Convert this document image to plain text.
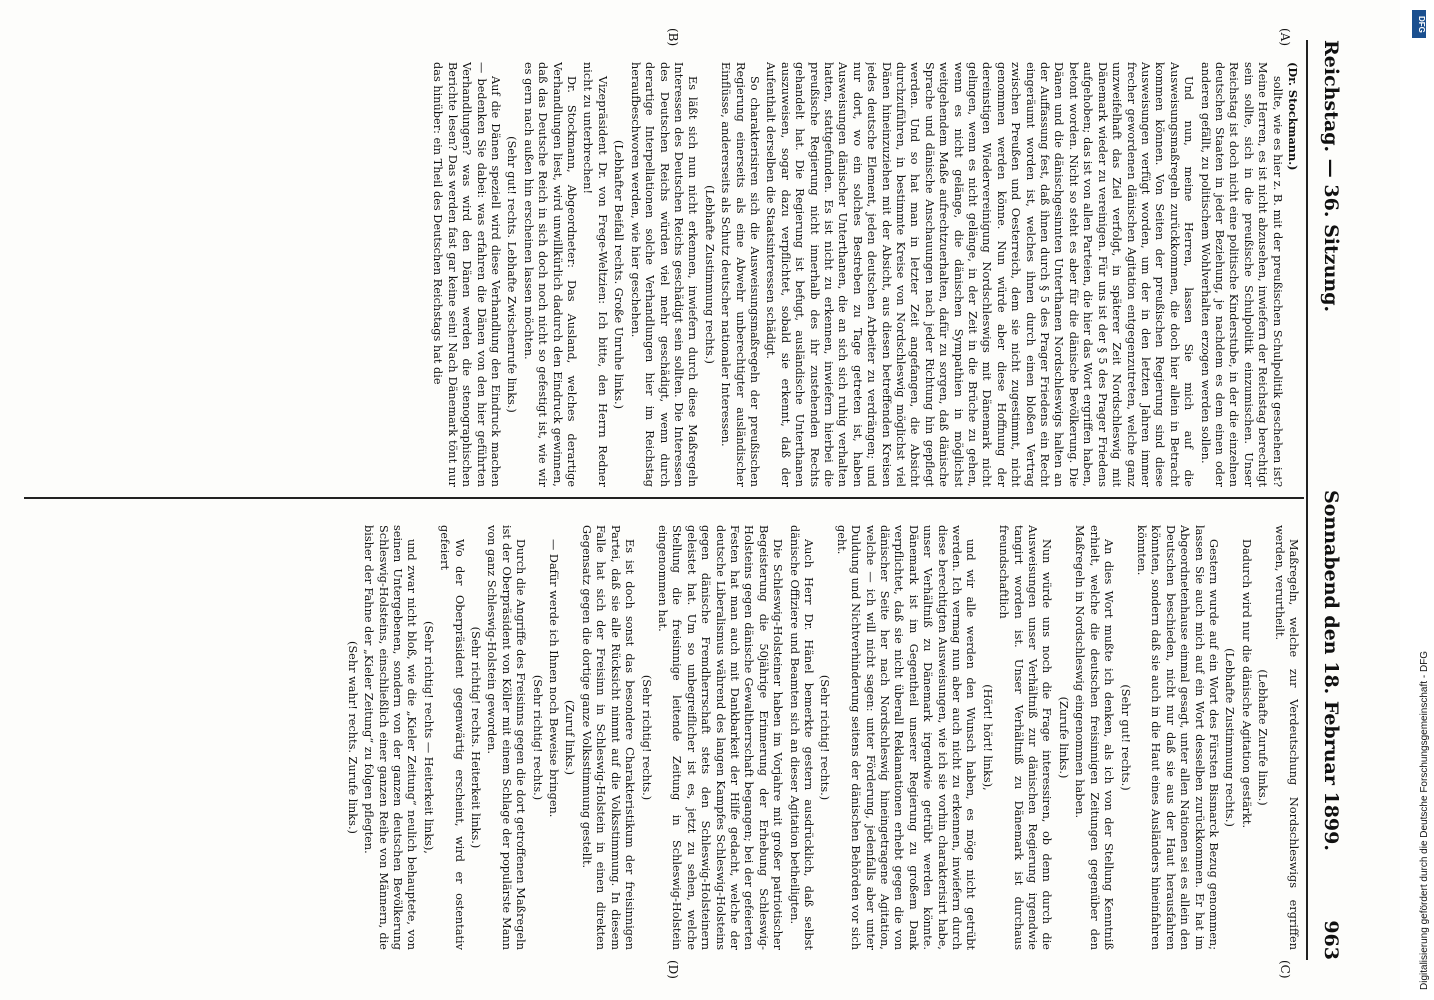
Reichstag. — 36. Sitzung.
Sonnabend den 18. Februar 1899.
963
(A)
(B)
(C)
(D)

(Dr. Stockmann.)

sollte, wie es hier z. B. mit der preußischen Schulpolitik geschehen ist? Meine Herren, es ist nicht abzusehen, inwiefern der Reichstag berechtigt sein sollte, sich in die preußische Schulpolitik einzumischen. Unser Reichstag ist doch nicht eine politische Kinderstube, in der die einzelnen deutschen Staaten in jeder Beziehung, je nachdem es dem einen oder anderen gefällt, zu politischem Wohlverhalten erzogen werden sollen.

Und nun, meine Herren, lassen Sie mich auf die Ausweisungsmaßregeln zurückkommen, die doch hier allein in Betracht kommen können. Von Seiten der preußischen Regierung sind diese Ausweisungen verfügt worden, um der in den letzten Jahren immer frecher gewordenen dänischen Agitation entgegenzutreten, welche ganz unzweifelhaft das Ziel verfolgt, in späterer Zeit Nordschleswig mit Dänemark wieder zu vereinigen. Für uns ist der § 5 des Prager Friedens aufgehoben; das ist von allen Parteien, die hier das Wort ergriffen haben, betont worden. Nicht so steht es aber für die dänische Bevölkerung. Die Dänen und die dänischgesinnten Unterthanen Nordschleswigs halten an der Auffassung fest, daß ihnen durch § 5 des Prager Friedens ein Recht eingeräumt worden ist, welches ihnen durch einen bloßen Vertrag zwischen Preußen und Oesterreich, dem sie nicht zugestimmt, nicht genommen werden könne. Nun würde aber diese Hoffnung der dereinstigen Wiedervereinigung Nordschleswigs mit Dänemark nicht gelingen, wenn es nicht gelänge, in der Zeit in die Brüche zu gehen, wenn es nicht gelänge, die dänischen Sympathien in möglichst weitgehendem Maße aufrechtzuerhalten, dafür zu sorgen, daß dänische Sprache und dänische Anschauungen nach jeder Richtung hin gepflegt werden. Und so hat man in letzter Zeit angefangen, die Absicht durchzuführen, in bestimmte Kreise von Nordschleswig möglichst viel Dänen hineinzuziehen mit der Absicht, aus diesen betreffenden Kreisen jedes deutsche Element, jeden deutschen Arbeiter zu verdrängen; und nur dort, wo ein solches Bestreben zu Tage getreten ist, haben Ausweisungen dänischer Unterthanen, die an sich sich ruhig verhalten hatten, stattgefunden. Es ist nicht zu erkennen, inwiefern hierbei die preußische Regierung nicht innerhalb des ihr zustehenden Rechts gehandelt hat. Die Regierung ist befugt, ausländische Unterthanen auszuweisen, sogar dazu verpflichtet, sobald sie erkennt, daß der Aufenthalt derselben die Staatsinteressen schädigt.

So charakterisiren sich die Ausweisungsmaßregeln der preußischen Regierung einerseits als eine Abwehr unberechtigter ausländischer Einflüsse, andererseits als Schutz deutscher nationaler Interessen.

(Lebhafte Zustimmung rechts.)

Es läßt sich nun nicht erkennen, inwiefern durch diese Maßregeln Interessen des Deutschen Reichs geschädigt sein sollten. Die Interessen des Deutschen Reichs würden viel mehr geschädigt, wenn durch derartige Interpellationen solche Verhandlungen hier im Reichstag heraufbeschworen werden, wie hier geschehen.

(Lebhafter Beifall rechts. Große Unruhe links.)

Vizepräsident Dr. von Frege-Weltzien: Ich bitte, den Herrn Redner nicht zu unterbrechen!

Dr. Stockmann, Abgeordneter: Das Ausland, welches derartige Verhandlungen liest, wird unwillkürlich dadurch den Eindruck gewinnen, daß das Deutsche Reich in sich doch noch nicht so gefestigt ist, wie wir es gern nach außen hin erscheinen lassen möchten.

(Sehr gut! rechts. Lebhafte Zwischenrufe links.)

Auf die Dänen speziell wird diese Verhandlung den Eindruck machen — bedenken Sie dabei: was erfahren die Dänen von den hier geführten Verhandlungen? was wird den Dänen werden die stenographischen Berichte lesen? Das werden fast gar keine sein! Nach Dänemark tönt nur das hinüber: ein Theil des Deutschen Reichstags hat die

Maßregeln, welche zur Verdeutschung Nordschleswigs ergriffen werden, verurtheilt.

(Lebhafte Zurufe links.)

Dadurch wird nur die dänische Agitation gestärkt.

(Lebhafte Zustimmung rechts.)

Gestern wurde auf ein Wort des Fürsten Bismarck Bezug genommen; lassen Sie auch mich auf ein Wort desselben zurückkommen. Er hat im Abgeordnetenhause einmal gesagt, unter allen Nationen sei es allein den Deutschen beschieden, nicht nur daß sie aus der Haut herausfahren könnten, sondern daß sie auch in die Haut eines Ausländers hineinfahren könnten.

(Sehr gut! rechts.)

An dies Wort mußte ich denken, als ich von der Stellung Kenntniß erhielt, welche die deutschen freisinnigen Zeitungen gegenüber den Maßregeln in Nordschleswig eingenommen haben.

(Zurufe links.)

Nun würde uns noch die Frage interessiren, ob denn durch die Ausweisungen unser Verhältniß zur dänischen Regierung irgendwie tangirt worden ist. Unser Verhältniß zu Dänemark ist durchaus freundschaftlich

(Hört! hört! links),

und wir alle werden den Wunsch haben, es möge nicht getrübt werden. Ich vermag nun aber auch nicht zu erkennen, inwiefern durch diese berechtigten Ausweisungen, wie ich sie vorhin charakterisirt habe, unser Verhältniß zu Dänemark irgendwie getrübt werden könnte. Dänemark ist im Gegentheil unserer Regierung zu großem Dank verpflichtet, daß sie nicht überall Reklamationen erhebt gegen die von dänischer Seite her nach Nordschleswig hineingetragene Agitation, welche — ich will nicht sagen: unter Förderung, jedenfalls aber unter Duldung und Nichtverhinderung seitens der dänischen Behörden vor sich geht.

(Sehr richtig! rechts.)

Auch Herr Dr. Hänel bemerkte gestern ausdrücklich, daß selbst dänische Offiziere und Beamten sich an dieser Agitation betheiligten.

Die Schleswig-Holsteiner haben im Vorjahre mit großer patriotischer Begeisterung die 50jährige Erinnerung der Erhebung Schleswig-Holsteins gegen dänische Gewaltherrschaft begangen; bei der gefeierten Festen hat man auch mit Dankbarkeit der Hilfe gedacht, welche der deutsche Liberalismus während des langen Kampfes Schleswig-Holsteins gegen dänische Fremdherrschaft stets den Schleswig-Holsteinern geleistet hat. Um so unbegreiflicher ist es, jetzt zu sehen, welche Stellung die freisinnige leitende Zeitung in Schleswig-Holstein eingenommen hat.

(Sehr richtig! rechts.)

Es ist doch sonst das besondere Charakteristikum der freisinnigen Partei, daß sie alle Rücksicht nimmt auf die Volksstimmung. In diesem Falle hat sich der Freisinn in Schleswig-Holstein in einen direkten Gegensatz gegen die dortige ganze Volksstimmung gestellt.

(Zuruf links.)

— Dafür werde ich Ihnen noch Beweise bringen.

(Sehr richtig! rechts.)

Durch die Angriffe des Freisinns gegen die dort getroffenen Maßregeln ist der Oberpräsident von Köller mit einem Schlage der populärste Mann von ganz Schleswig-Holstein geworden.

(Sehr richtig! rechts. Heiterkeit links.)

Wo der Oberpräsident gegenwärtig erscheint, wird er ostentativ gefeiert

(Sehr richtig! rechts — Heiterkeit links),

und zwar nicht bloß, wie die „Kieler Zeitung“ neulich behauptete, von seinen Untergebenen, sondern von der ganzen deutschen Bevölkerung Schleswig-Holsteins, einschließlich einer ganzen Reihe von Männern, die bisher der Fahne der „Kieler Zeitung“ zu folgen pflegten.

(Sehr wahr! rechts. Zurufe links.)	Digitalisierung gefördert durch die Deutsche Forschungsgemeinschaft - DFG
DFG
